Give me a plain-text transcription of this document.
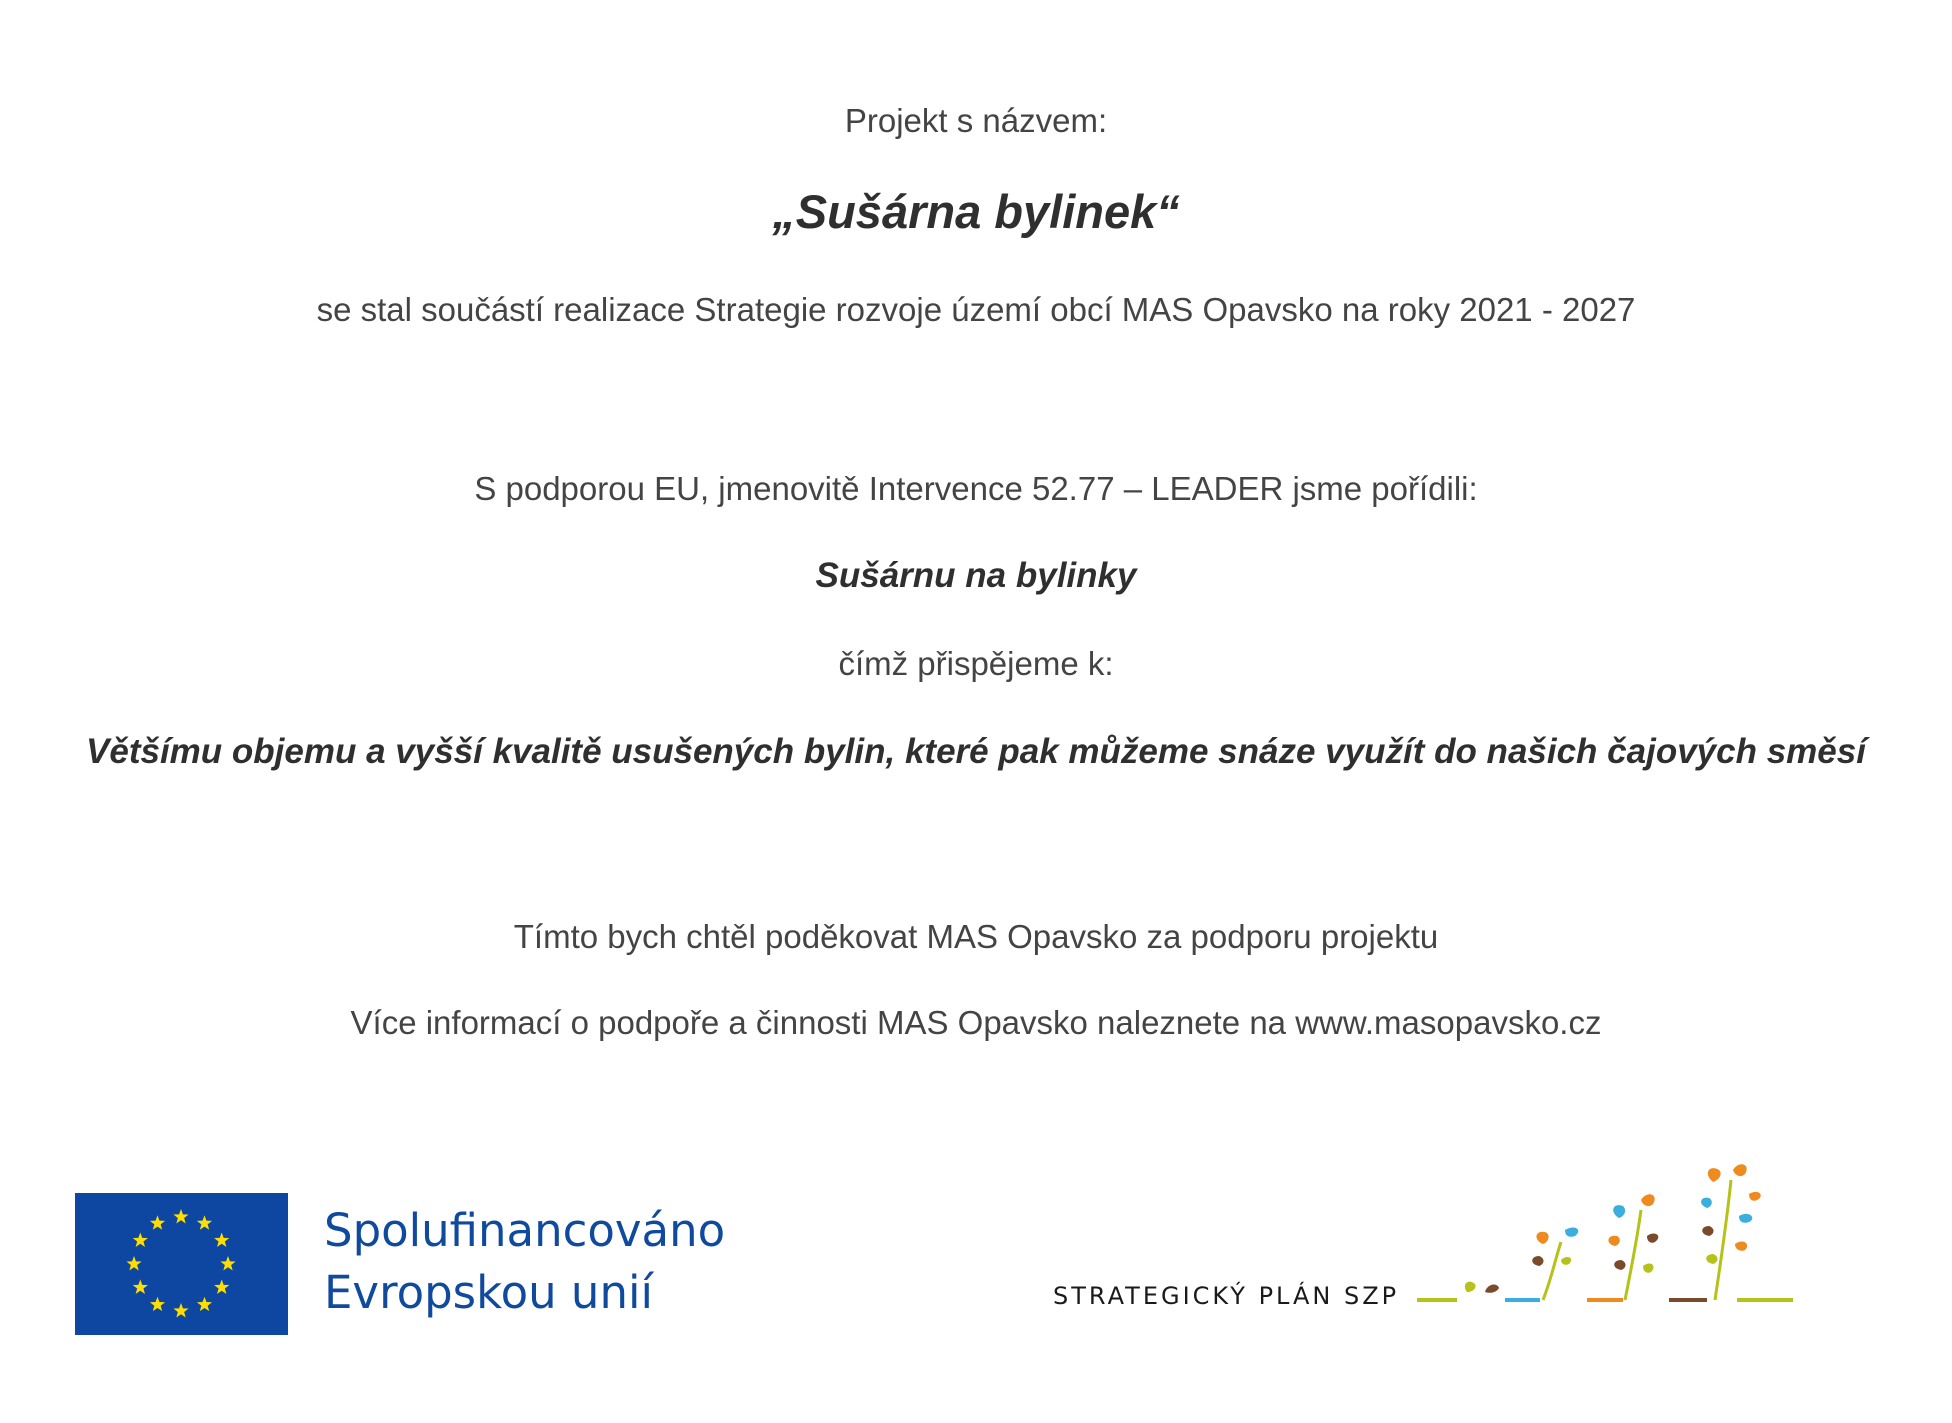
Projekt s názvem:
„Sušárna bylinek“
se stal součástí realizace Strategie rozvoje území obcí MAS Opavsko na roky 2021 - 2027
S podporou EU, jmenovitě Intervence 52.77 – LEADER jsme pořídili:
Sušárnu na bylinky
čímž přispějeme k:
Většímu objemu a vyšší kvalitě usušených bylin, které pak můžeme snáze využít do našich čajových směsí
Tímto bych chtěl poděkovat MAS Opavsko za podporu projektu
Více informací o podpoře a činnosti MAS Opavsko naleznete na www.masopavsko.cz
Spolufinancováno
Evropskou unií	STRATEGICKÝ PLÁN SZP
